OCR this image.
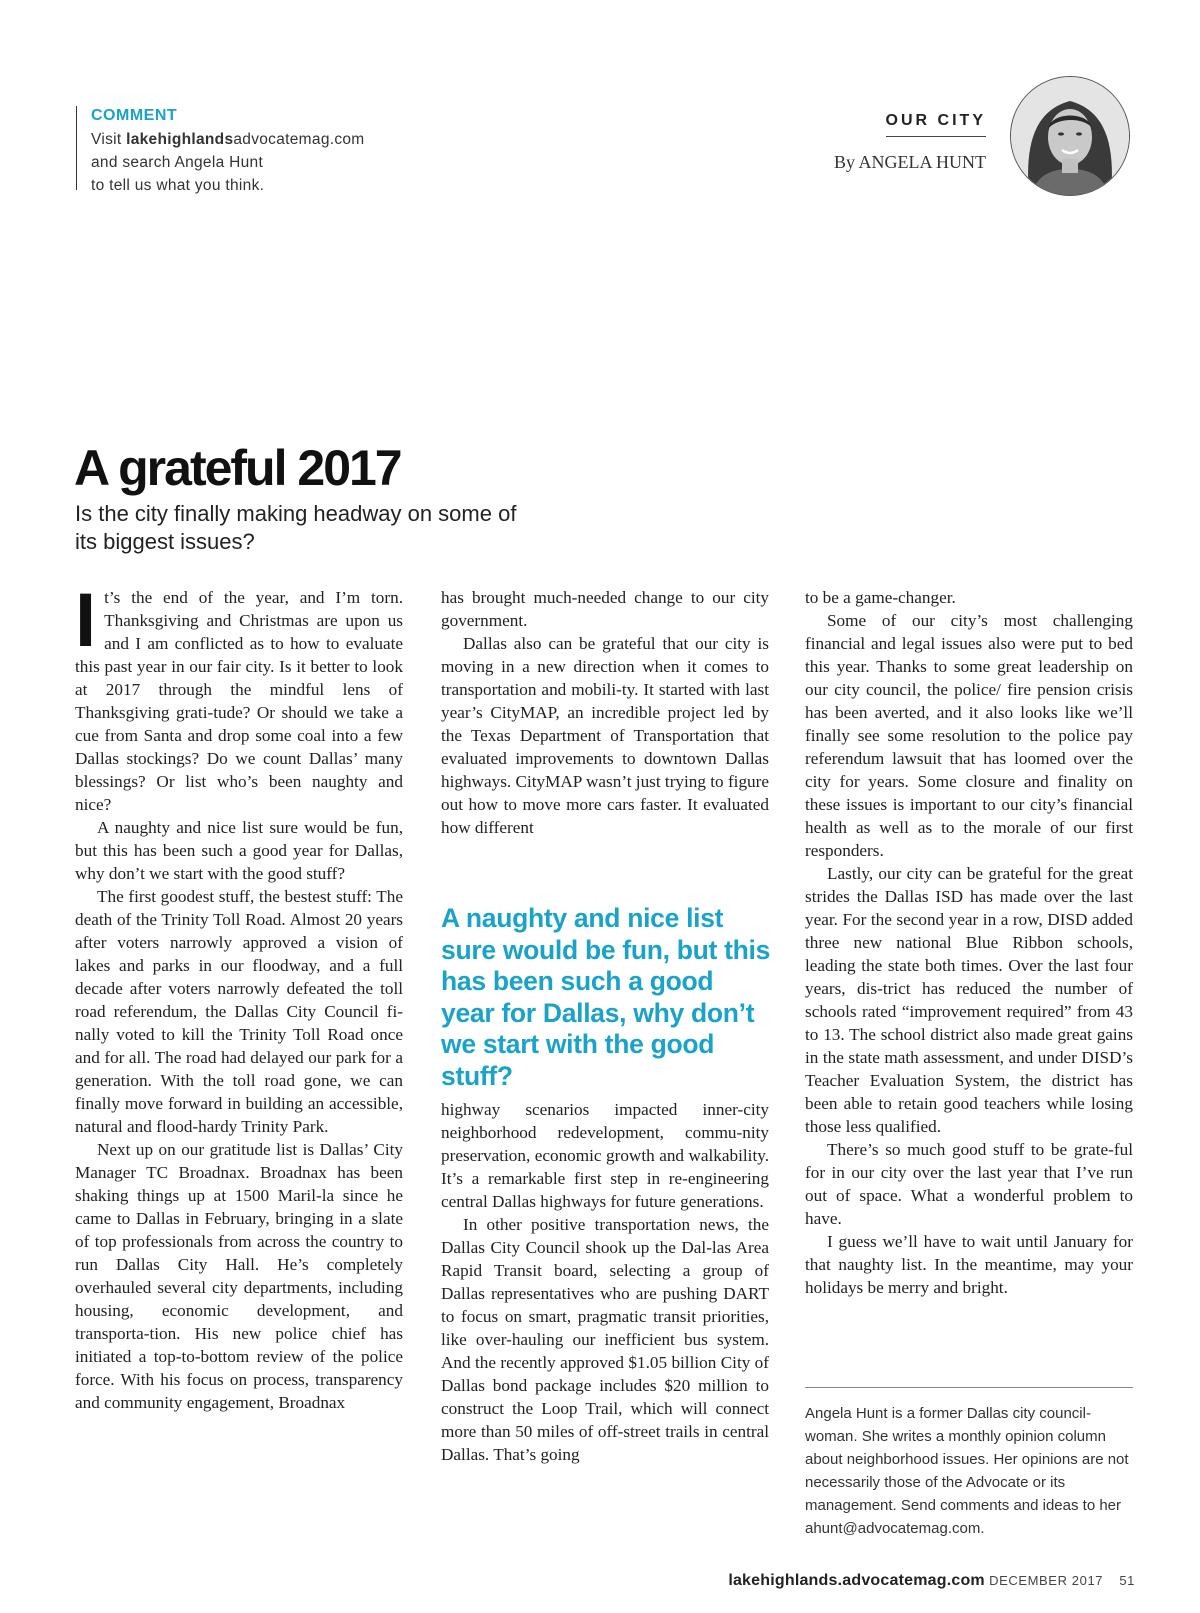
COMMENT
Visit lakehighlandsadvocatemag.com
and search Angela Hunt
to tell us what you think.
OUR CITY
By ANGELA HUNT
A grateful 2017

Is the city finally making headway on some of its biggest issues?

It’s the end of the year, and I’m torn. Thanksgiving and Christmas are upon us and I am conflicted as to how to evaluate this past year in our fair city. Is it better to look at 2017 through the mindful lens of Thanksgiving grati-tude? Or should we take a cue from Santa and drop some coal into a few Dallas stockings? Do we count Dallas’ many blessings? Or list who’s been naughty and nice?

A naughty and nice list sure would be fun, but this has been such a good year for Dallas, why don’t we start with the good stuff?

The first goodest stuff, the bestest stuff: The death of the Trinity Toll Road. Almost 20 years after voters narrowly approved a vision of lakes and parks in our floodway, and a full decade after voters narrowly defeated the toll road referendum, the Dallas City Council fi-nally voted to kill the Trinity Toll Road once and for all. The road had delayed our park for a generation. With the toll road gone, we can finally move forward in building an accessible, natural and flood-hardy Trinity Park.

Next up on our gratitude list is Dallas’ City Manager TC Broadnax. Broadnax has been shaking things up at 1500 Maril-la since he came to Dallas in February, bringing in a slate of top professionals from across the country to run Dallas City Hall. He’s completely overhauled several city departments, including housing, economic development, and transporta-tion. His new police chief has initiated a top-to-bottom review of the police force. With his focus on process, transparency and community engagement, Broadnax

has brought much-needed change to our city government.

Dallas also can be grateful that our city is moving in a new direction when it comes to transportation and mobili-ty. It started with last year’s CityMAP, an incredible project led by the Texas Department of Transportation that evaluated improvements to downtown Dallas highways. CityMAP wasn’t just trying to figure out how to move more cars faster. It evaluated how different

A naughty and nice list sure would be fun, but this has been such a good year for Dallas, why don’t we start with the good stuff?

highway scenarios impacted inner-city neighborhood redevelopment, commu-nity preservation, economic growth and walkability. It’s a remarkable first step in re-engineering central Dallas highways for future generations.

In other positive transportation news, the Dallas City Council shook up the Dal-las Area Rapid Transit board, selecting a group of Dallas representatives who are pushing DART to focus on smart, pragmatic transit priorities, like over-hauling our inefficient bus system. And the recently approved $1.05 billion City of Dallas bond package includes $20 million to construct the Loop Trail, which will connect more than 50 miles of off-street trails in central Dallas. That’s going

to be a game-changer.

Some of our city’s most challenging financial and legal issues also were put to bed this year. Thanks to some great leadership on our city council, the police/ fire pension crisis has been averted, and it also looks like we’ll finally see some resolution to the police pay referendum lawsuit that has loomed over the city for years. Some closure and finality on these issues is important to our city’s financial health as well as to the morale of our first responders.

Lastly, our city can be grateful for the great strides the Dallas ISD has made over the last year. For the second year in a row, DISD added three new national Blue Ribbon schools, leading the state both times. Over the last four years, dis-trict has reduced the number of schools rated “improvement required” from 43 to 13. The school district also made great gains in the state math assessment, and under DISD’s Teacher Evaluation System, the district has been able to retain good teachers while losing those less qualified.

There’s so much good stuff to be grate-ful for in our city over the last year that I’ve run out of space. What a wonderful problem to have.

I guess we’ll have to wait until January for that naughty list. In the meantime, may your holidays be merry and bright.

Angela Hunt is a former Dallas city council-woman. She writes a monthly opinion column about neighborhood issues. Her opinions are not necessarily those of the Advocate or its management. Send comments and ideas to her ahunt@advocatemag.com.
lakehighlands.advocatemag.com DECEMBER 2017 51
